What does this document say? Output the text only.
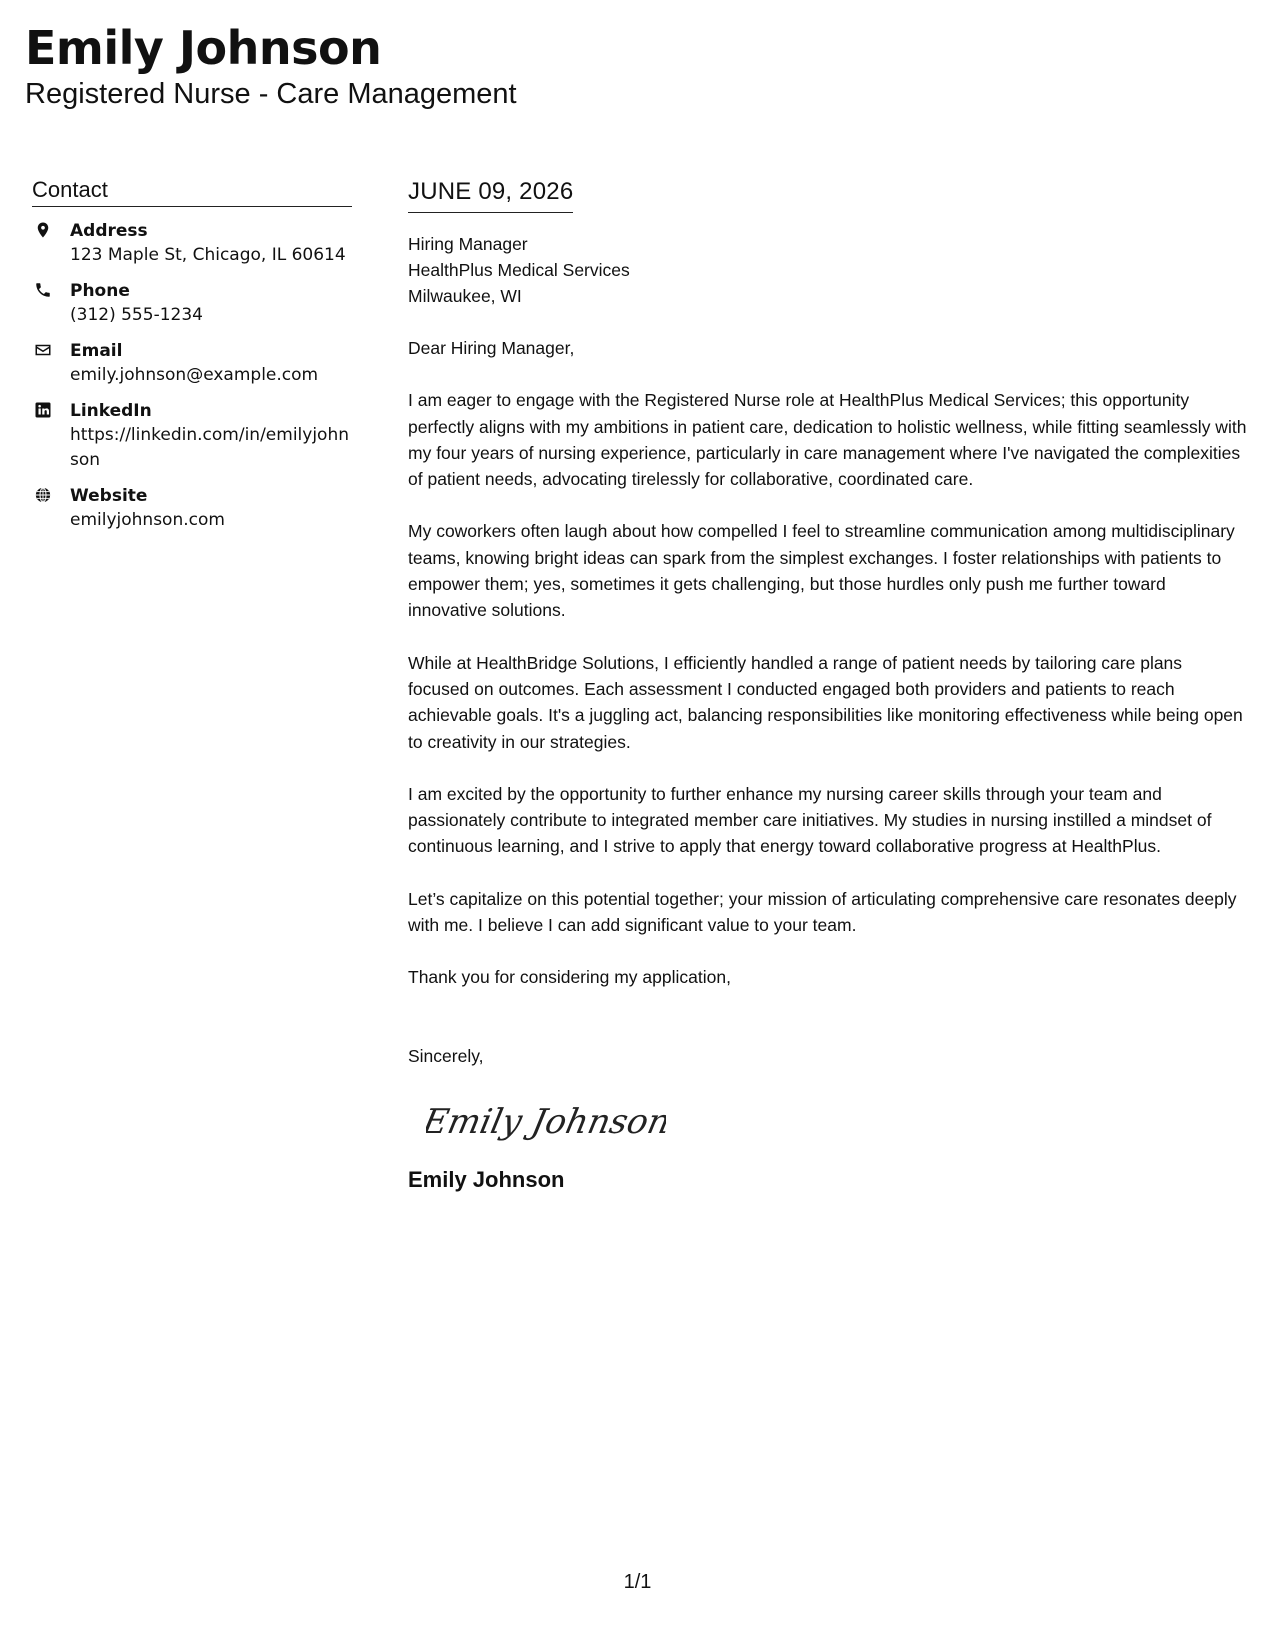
Emily Johnson
Registered Nurse - Care Management
Contact
Address
123 Maple St, Chicago, IL 60614
Phone
(312) 555-1234
Email
emily.johnson@example.com
LinkedIn
https://linkedin.com/in/emilyjohnson
Website
emilyjohnson.com
JUNE 09, 2026
Hiring Manager
HealthPlus Medical Services
Milwaukee, WI

Dear Hiring Manager,

I am eager to engage with the Registered Nurse role at HealthPlus Medical Services; this opportunity perfectly aligns with my ambitions in patient care, dedication to holistic wellness, while fitting seamlessly with my four years of nursing experience, particularly in care management where I've navigated the complexities of patient needs, advocating tirelessly for collaborative, coordinated care.

My coworkers often laugh about how compelled I feel to streamline communication among multidisciplinary teams, knowing bright ideas can spark from the simplest exchanges. I foster relationships with patients to empower them; yes, sometimes it gets challenging, but those hurdles only push me further toward innovative solutions.

While at HealthBridge Solutions, I efficiently handled a range of patient needs by tailoring care plans focused on outcomes. Each assessment I conducted engaged both providers and patients to reach achievable goals. It's a juggling act, balancing responsibilities like monitoring effectiveness while being open to creativity in our strategies.

I am excited by the opportunity to further enhance my nursing career skills through your team and passionately contribute to integrated member care initiatives. My studies in nursing instilled a mindset of continuous learning, and I strive to apply that energy toward collaborative progress at HealthPlus.

Let’s capitalize on this potential together; your mission of articulating comprehensive care resonates deeply with me. I believe I can add significant value to your team.

Thank you for considering my application,

Sincerely,

Emily Johnson
Emily Johnson
1/1
